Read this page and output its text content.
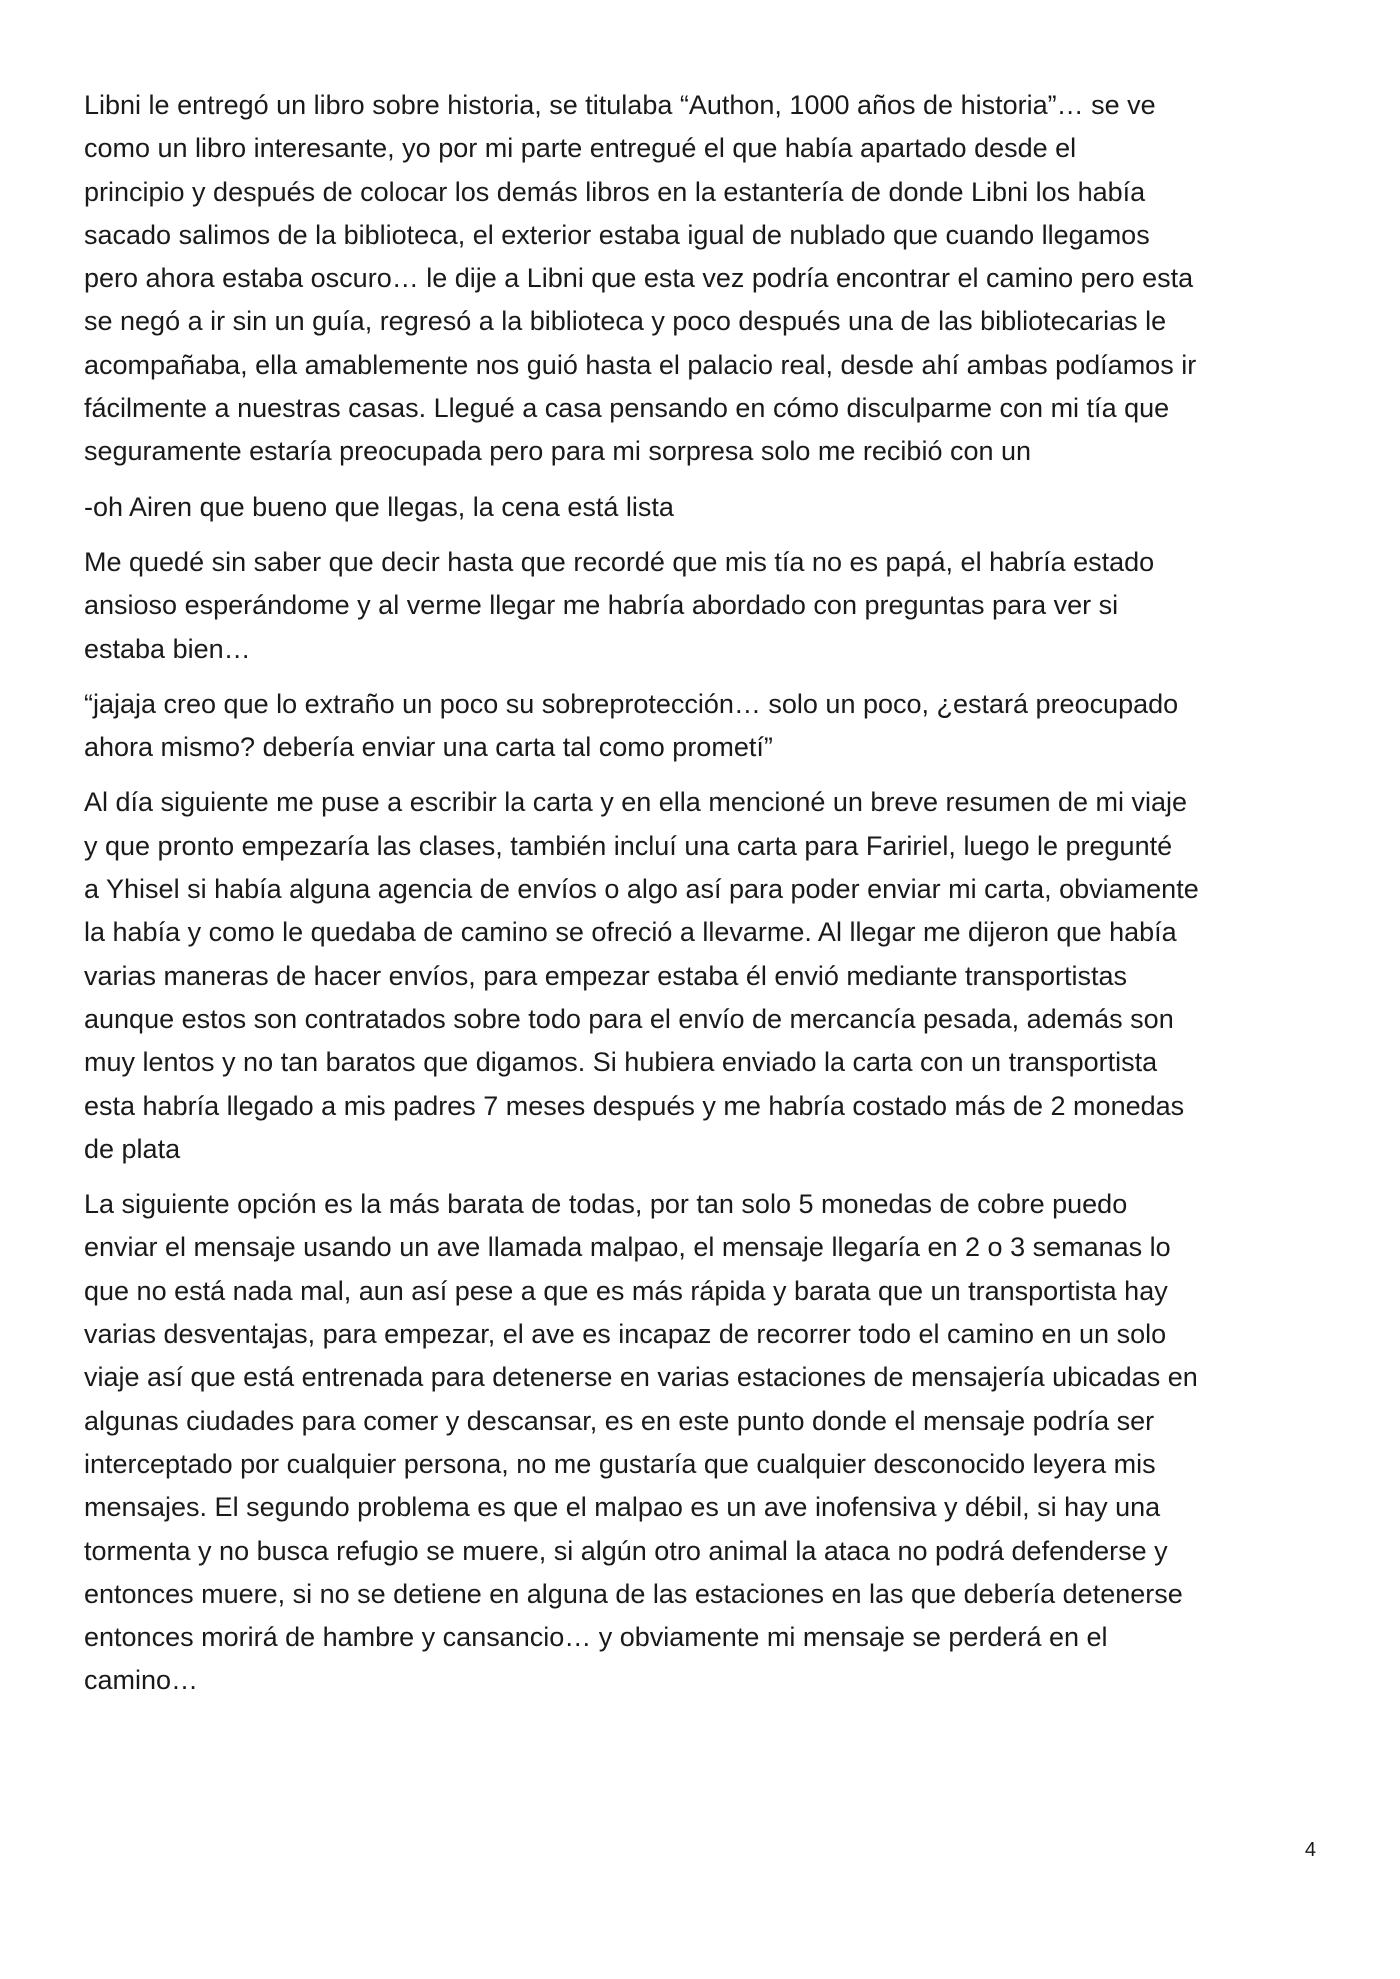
Libni le entregó un libro sobre historia, se titulaba “Authon, 1000 años de historia”… se ve
como un libro interesante, yo por mi parte entregué el que había apartado desde el
principio y después de colocar los demás libros en la estantería de donde Libni los había
sacado salimos de la biblioteca, el exterior estaba igual de nublado que cuando llegamos
pero ahora estaba oscuro… le dije a Libni que esta vez podría encontrar el camino pero esta
se negó a ir sin un guía, regresó a la biblioteca y poco después una de las bibliotecarias le
acompañaba, ella amablemente nos guió hasta el palacio real, desde ahí ambas podíamos ir
fácilmente a nuestras casas. Llegué a casa pensando en cómo disculparme con mi tía que
seguramente estaría preocupada pero para mi sorpresa solo me recibió con un

-oh Airen que bueno que llegas, la cena está lista

Me quedé sin saber que decir hasta que recordé que mis tía no es papá, el habría estado
ansioso esperándome y al verme llegar me habría abordado con preguntas para ver si
estaba bien…

“jajaja creo que lo extraño un poco su sobreprotección… solo un poco, ¿estará preocupado
ahora mismo? debería enviar una carta tal como prometí”

Al día siguiente me puse a escribir la carta y en ella mencioné un breve resumen de mi viaje
y que pronto empezaría las clases, también incluí una carta para Faririel, luego le pregunté
a Yhisel si había alguna agencia de envíos o algo así para poder enviar mi carta, obviamente
la había y como le quedaba de camino se ofreció a llevarme. Al llegar me dijeron que había
varias maneras de hacer envíos, para empezar estaba él envió mediante transportistas
aunque estos son contratados sobre todo para el envío de mercancía pesada, además son
muy lentos y no tan baratos que digamos. Si hubiera enviado la carta con un transportista
esta habría llegado a mis padres 7 meses después y me habría costado más de 2 monedas
de plata

La siguiente opción es la más barata de todas, por tan solo 5 monedas de cobre puedo
enviar el mensaje usando un ave llamada malpao, el mensaje llegaría en 2 o 3 semanas lo
que no está nada mal, aun así pese a que es más rápida y barata que un transportista hay
varias desventajas, para empezar, el ave es incapaz de recorrer todo el camino en un solo
viaje así que está entrenada para detenerse en varias estaciones de mensajería ubicadas en
algunas ciudades para comer y descansar, es en este punto donde el mensaje podría ser
interceptado por cualquier persona, no me gustaría que cualquier desconocido leyera mis
mensajes. El segundo problema es que el malpao es un ave inofensiva y débil, si hay una
tormenta y no busca refugio se muere, si algún otro animal la ataca no podrá defenderse y
entonces muere, si no se detiene en alguna de las estaciones en las que debería detenerse
entonces morirá de hambre y cansancio… y obviamente mi mensaje se perderá en el
camino…

4
